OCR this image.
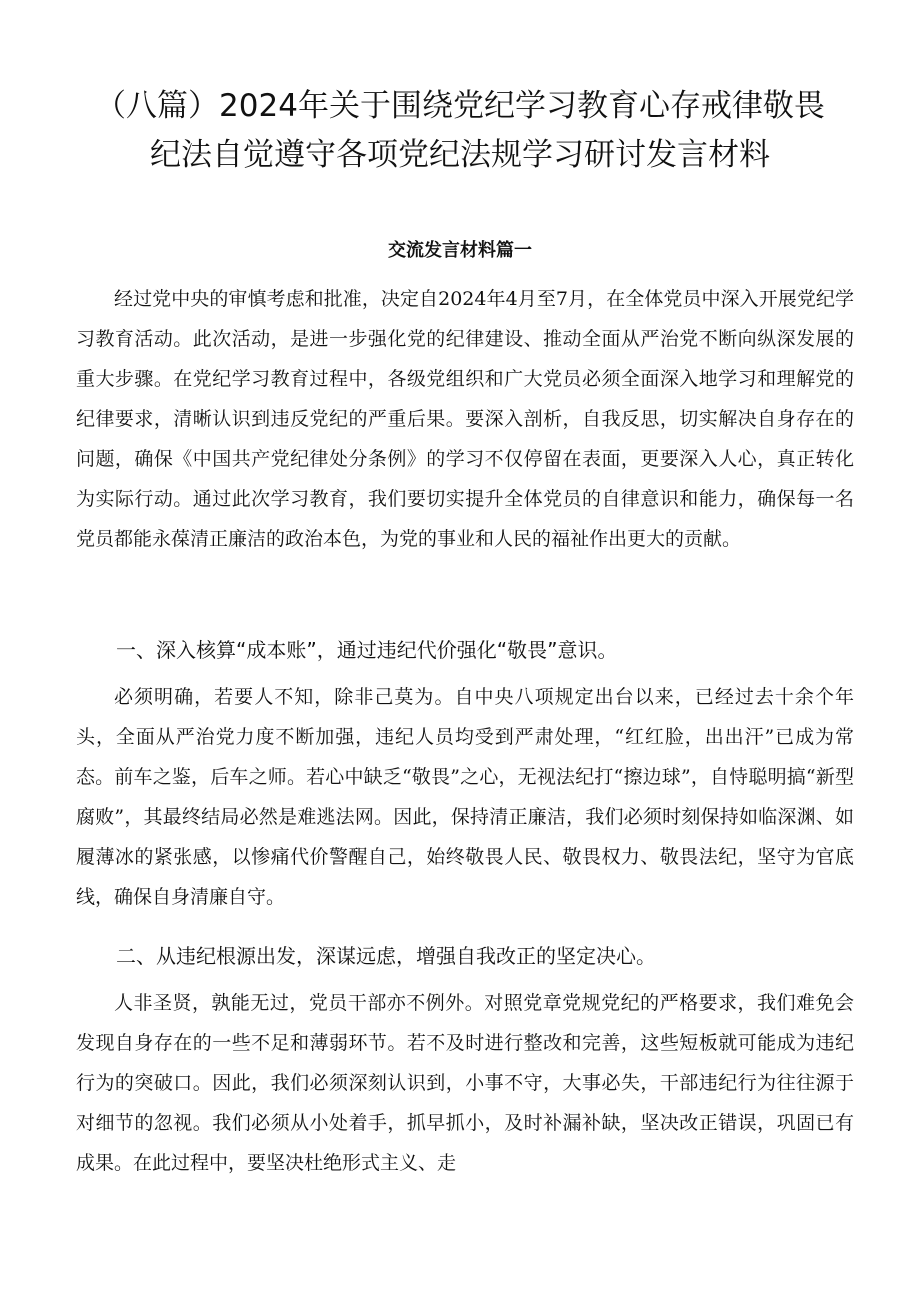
（八篇）2024年关于围绕党纪学习教育心存戒律敬畏
纪法自觉遵守各项党纪法规学习研讨发言材料
交流发言材料篇一

经过党中央的审慎考虑和批准，决定自2024年4月至7月，在全体党员中深入开展党纪学习教育活动。此次活动，是进一步强化党的纪律建设、推动全面从严治党不断向纵深发展的重大步骤。在党纪学习教育过程中，各级党组织和广大党员必须全面深入地学习和理解党的纪律要求，清晰认识到违反党纪的严重后果。要深入剖析，自我反思，切实解决自身存在的问题，确保《中国共产党纪律处分条例》的学习不仅停留在表面，更要深入人心，真正转化为实际行动。通过此次学习教育，我们要切实提升全体党员的自律意识和能力，确保每一名党员都能永葆清正廉洁的政治本色，为党的事业和人民的福祉作出更大的贡献。

一、深入核算“成本账”，通过违纪代价强化“敬畏”意识。

必须明确，若要人不知，除非己莫为。自中央八项规定出台以来，已经过去十余个年头，全面从严治党力度不断加强，违纪人员均受到严肃处理，“红红脸，出出汗”已成为常态。前车之鉴，后车之师。若心中缺乏“敬畏”之心，无视法纪打“擦边球”，自恃聪明搞“新型腐败”，其最终结局必然是难逃法网。因此，保持清正廉洁，我们必须时刻保持如临深渊、如履薄冰的紧张感，以惨痛代价警醒自己，始终敬畏人民、敬畏权力、敬畏法纪，坚守为官底线，确保自身清廉自守。

二、从违纪根源出发，深谋远虑，增强自我改正的坚定决心。

人非圣贤，孰能无过，党员干部亦不例外。对照党章党规党纪的严格要求，我们难免会发现自身存在的一些不足和薄弱环节。若不及时进行整改和完善，这些短板就可能成为违纪行为的突破口。因此，我们必须深刻认识到，小事不守，大事必失，干部违纪行为往往源于对细节的忽视。我们必须从小处着手，抓早抓小，及时补漏补缺，坚决改正错误，巩固已有成果。在此过程中，要坚决杜绝形式主义、走
